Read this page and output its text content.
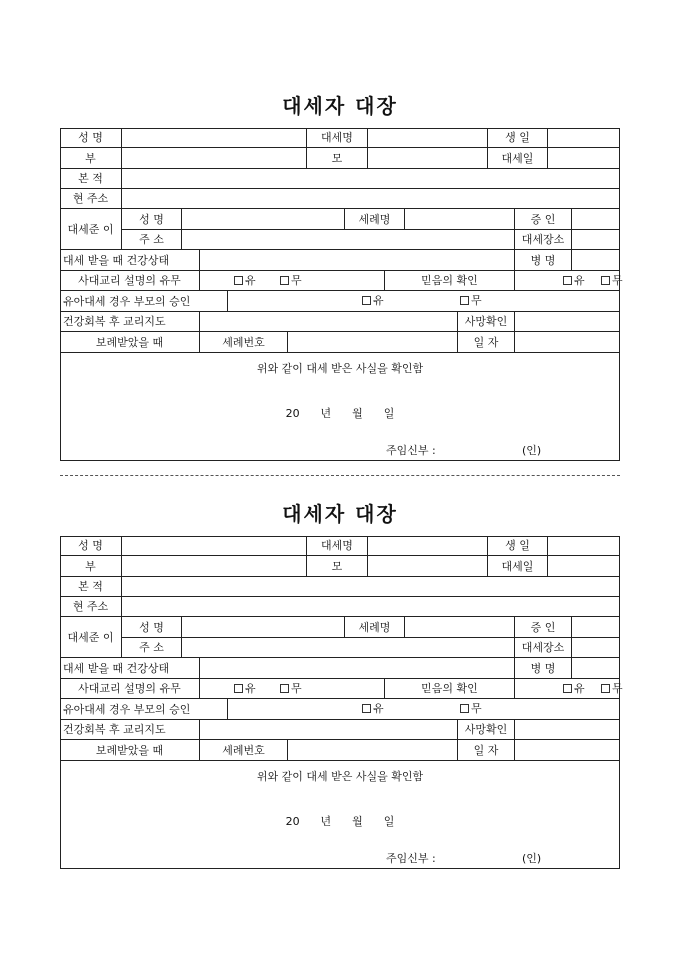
대세자 대장
성 명	대세명	생 일
부	모	대세일
본 적
현 주소
대세준 이
성 명	세례명	증 인
주 소	대세장소
대세 받을 때 건강상태	병 명
사대교리 설명의 유무	유	무	믿음의 확인	유	무
유아대세 경우 부모의 승인	유	무
건강회복 후 교리지도	사망확인
보례받았을 때	세례번호	일 자
위와 같이 대세 받은 사실을 확인함
20      년      월      일
주임신부 :	(인)
대세자 대장
성 명	대세명	생 일
부	모	대세일
본 적
현 주소
대세준 이
성 명	세례명	증 인
주 소	대세장소
대세 받을 때 건강상태	병 명
사대교리 설명의 유무	유	무	믿음의 확인	유	무
유아대세 경우 부모의 승인	유	무
건강회복 후 교리지도	사망확인
보례받았을 때	세례번호	일 자
위와 같이 대세 받은 사실을 확인함
20      년      월      일
주임신부 :	(인)
